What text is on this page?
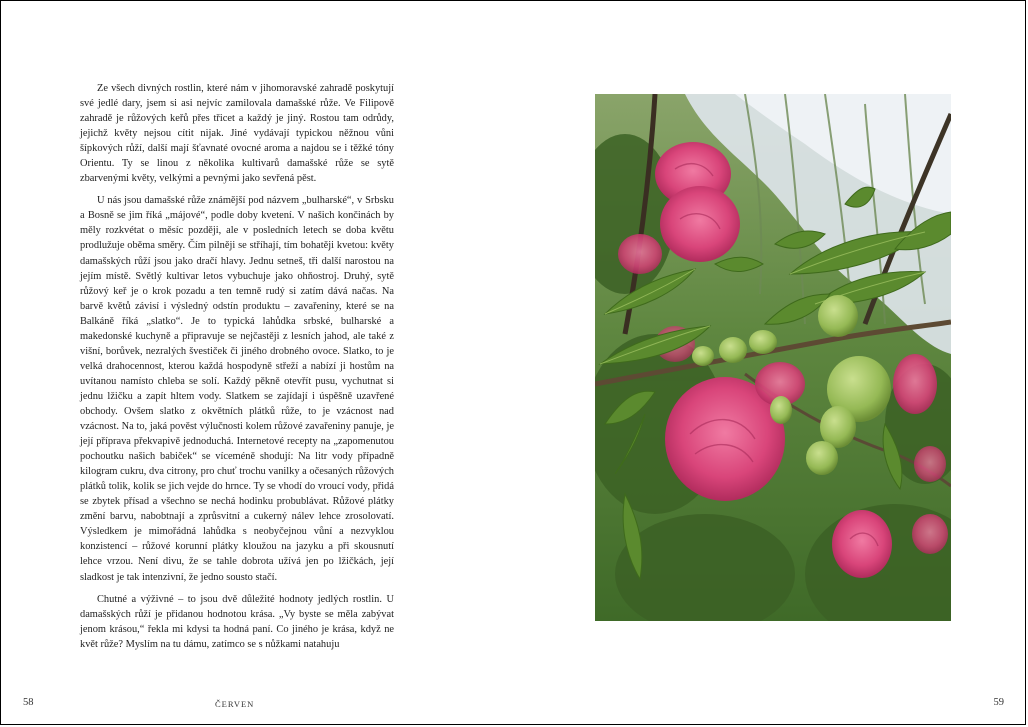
Ze všech divných rostlin, které nám v jihomoravské zahradě poskytují své jedlé dary, jsem si asi nejvíc zamilovala damašské růže. Ve Filipově zahradě je růžových keřů přes třicet a každý je jiný. Rostou tam odrůdy, jejichž květy nejsou cítit nijak. Jiné vydávají typickou něžnou vůni šípkových růží, další mají šťavnaté ovocné aroma a najdou se i těžké tóny Orientu. Ty se linou z několika kultivarů damašské růže se sytě zbarvenými květy, velkými a pevnými jako sevřená pěst.

U nás jsou damašské růže známější pod názvem „bulharské“, v Srbsku a Bosně se jim říká „májové“, podle doby kvetení. V našich končinách by měly rozkvétat o měsíc později, ale v posledních letech se doba květu prodlužuje oběma směry. Čím pilněji se stříhají, tím bohatěji kvetou: květy damašských růží jsou jako dračí hlavy. Jednu setneš, tři další narostou na jejím místě. Světlý kultivar letos vybuchuje jako ohňostroj. Druhý, sytě růžový keř je o krok pozadu a ten temně rudý si zatím dává načas. Na barvě květů závisí i výsledný odstín produktu – zavařeniny, které se na Balkáně říká „slatko“. Je to typická lahůdka srbské, bulharské a makedonské kuchyně a připravuje se nejčastěji z lesních jahod, ale také z višní, borůvek, nezralých švestiček či jiného drobného ovoce. Slatko, to je velká drahocennost, kterou každá hospodyně střeží a nabízí ji hostům na uvítanou namísto chleba se solí. Každý pěkně otevřít pusu, vychutnat si jednu lžičku a zapít hltem vody. Slatkem se zajídají i úspěšně uzavřené obchody. Ovšem slatko z okvětních plátků růže, to je vzácnost nad vzácnost. Na to, jaká pověst výlučnosti kolem růžové zavařeniny panuje, je její příprava překvapivě jednoduchá. Internetové recepty na „zapomenutou pochoutku našich babiček“ se víceméně shodují: Na litr vody případně kilogram cukru, dva citrony, pro chuť trochu vanilky a očesaných růžových plátků tolik, kolik se jich vejde do hrnce. Ty se vhodí do vroucí vody, přidá se zbytek přísad a všechno se nechá hodinku probublávat. Růžové plátky změní barvu, nabobtnají a zprůsvitní a cukerný nálev lehce zrosolovatí. Výsledkem je mimořádná lahůdka s neobyčejnou vůní a nezvyklou konzistencí – růžové korunní plátky kloužou na jazyku a při skousnutí lehce vrzou. Není divu, že se tahle dobrota užívá jen po lžičkách, její sladkost je tak intenzivní, že jedno sousto stačí.

Chutné a výživné – to jsou dvě důležité hodnoty jedlých rostlin. U damašských růží je přidanou hodnotou krása. „Vy byste se měla zabývat jenom krásou,“ řekla mi kdysi ta hodná paní. Co jiného je krása, když ne květ růže? Myslím na tu dámu, zatímco se s nůžkami natahuju

58	ČERVEN	59
